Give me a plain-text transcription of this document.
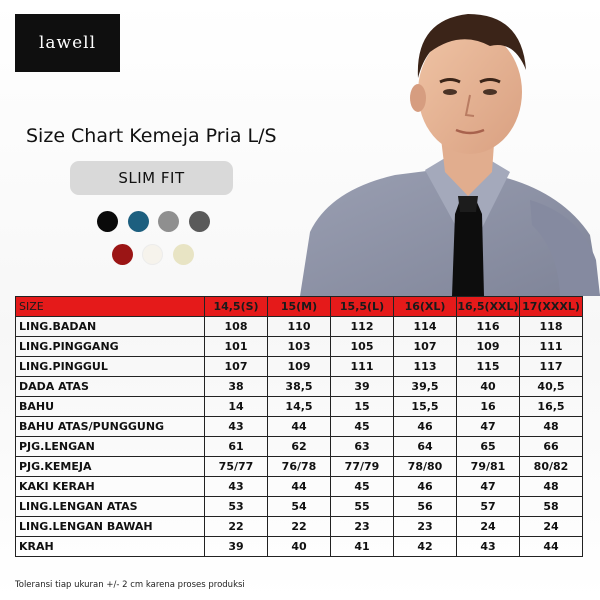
lawell
Size Chart Kemeja Pria L/S
SLIM FIT
SIZE	14,5(S)	15(M)	15,5(L)	16(XL)	16,5(XXL)	17(XXXL)
LING.BADAN	108	110	112	114	116	118
LING.PINGGANG	101	103	105	107	109	111
LING.PINGGUL	107	109	111	113	115	117
DADA ATAS	38	38,5	39	39,5	40	40,5
BAHU	14	14,5	15	15,5	16	16,5
BAHU ATAS/PUNGGUNG	43	44	45	46	47	48
PJG.LENGAN	61	62	63	64	65	66
PJG.KEMEJA	75/77	76/78	77/79	78/80	79/81	80/82
KAKI KERAH	43	44	45	46	47	48
LING.LENGAN ATAS	53	54	55	56	57	58
LING.LENGAN BAWAH	22	22	23	23	24	24
KRAH	39	40	41	42	43	44
Toleransi tiap ukuran +/- 2 cm karena proses produksi
